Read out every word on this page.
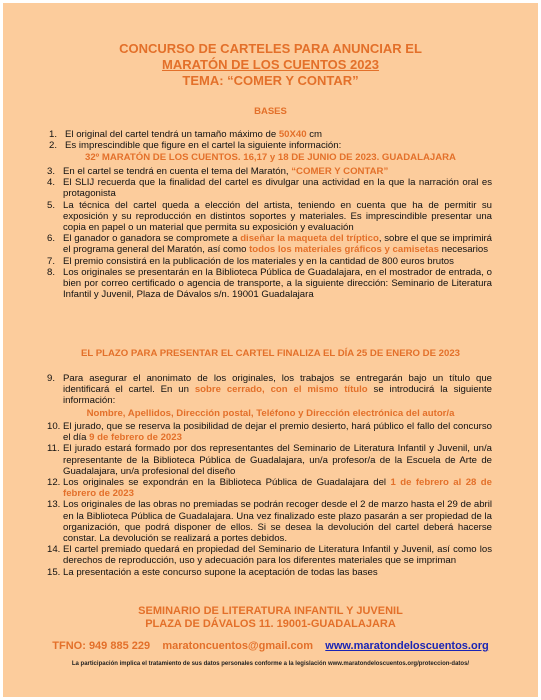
CONCURSO DE CARTELES PARA ANUNCIAR EL
MARATÓN DE LOS CUENTOS 2023
TEMA: “COMER Y CONTAR”
BASES

1. El original del cartel tendrá un tamaño máximo de 50X40 cm

2. Es imprescindible que figure en el cartel la siguiente información:

32º MARATÓN DE LOS CUENTOS. 16,17 y 18 DE JUNIO DE 2023. GUADALAJARA

3. En el cartel se tendrá en cuenta el tema del Maratón, “COMER Y CONTAR”

4. El SLIJ recuerda que la finalidad del cartel es divulgar una actividad en la que la narración oral es protagonista

5. La técnica del cartel queda a elección del artista, teniendo en cuenta que ha de permitir su exposición y su reproducción en distintos soportes y materiales. Es imprescindible presentar una copia en papel o un material que permita su exposición y evaluación

6. El ganador o ganadora se compromete a diseñar la maqueta del tríptico, sobre el que se imprimirá el programa general del Maratón, así como todos los materiales gráficos y camisetas necesarios

7. El premio consistirá en la publicación de los materiales y en la cantidad de 800 euros brutos

8. Los originales se presentarán en la Biblioteca Pública de Guadalajara, en el mostrador de entrada, o bien por correo certificado o agencia de transporte, a la siguiente dirección: Seminario de Literatura Infantil y Juvenil, Plaza de Dávalos s/n. 19001 Guadalajara

EL PLAZO PARA PRESENTAR EL CARTEL FINALIZA EL DÍA 25 DE ENERO DE 2023

9. Para asegurar el anonimato de los originales, los trabajos se entregarán bajo un título que identificará el cartel. En un sobre cerrado, con el mismo título se introducirá la siguiente información:

Nombre, Apellidos, Dirección postal, Teléfono y Dirección electrónica del autor/a

10. El jurado, que se reserva la posibilidad de dejar el premio desierto, hará público el fallo del concurso el día 9 de febrero de 2023

11. El jurado estará formado por dos representantes del Seminario de Literatura Infantil y Juvenil, un/a representante de la Biblioteca Pública de Guadalajara, un/a profesor/a de la Escuela de Arte de Guadalajara, un/a profesional del diseño

12. Los originales se expondrán en la Biblioteca Pública de Guadalajara del 1 de febrero al 28 de febrero de 2023

13. Los originales de las obras no premiadas se podrán recoger desde el 2 de marzo hasta el 29 de abril en la Biblioteca Pública de Guadalajara. Una vez finalizado este plazo pasarán a ser propiedad de la organización, que podrá disponer de ellos. Si se desea la devolución del cartel deberá hacerse constar. La devolución se realizará a portes debidos.

14. El cartel premiado quedará en propiedad del Seminario de Literatura Infantil y Juvenil, así como los derechos de reproducción, uso y adecuación para los diferentes materiales que se impriman

15. La presentación a este concurso supone la aceptación de todas las bases

SEMINARIO DE LITERATURA INFANTIL Y JUVENIL
PLAZA DE DÁVALOS 11. 19001-GUADALAJARA
TFNO: 949 885 229 maratoncuentos@gmail.com www.maratondeloscuentos.org
La participación implica el tratamiento de sus datos personales conforme a la legislación www.maratondeloscuentos.org/proteccion-datos/
